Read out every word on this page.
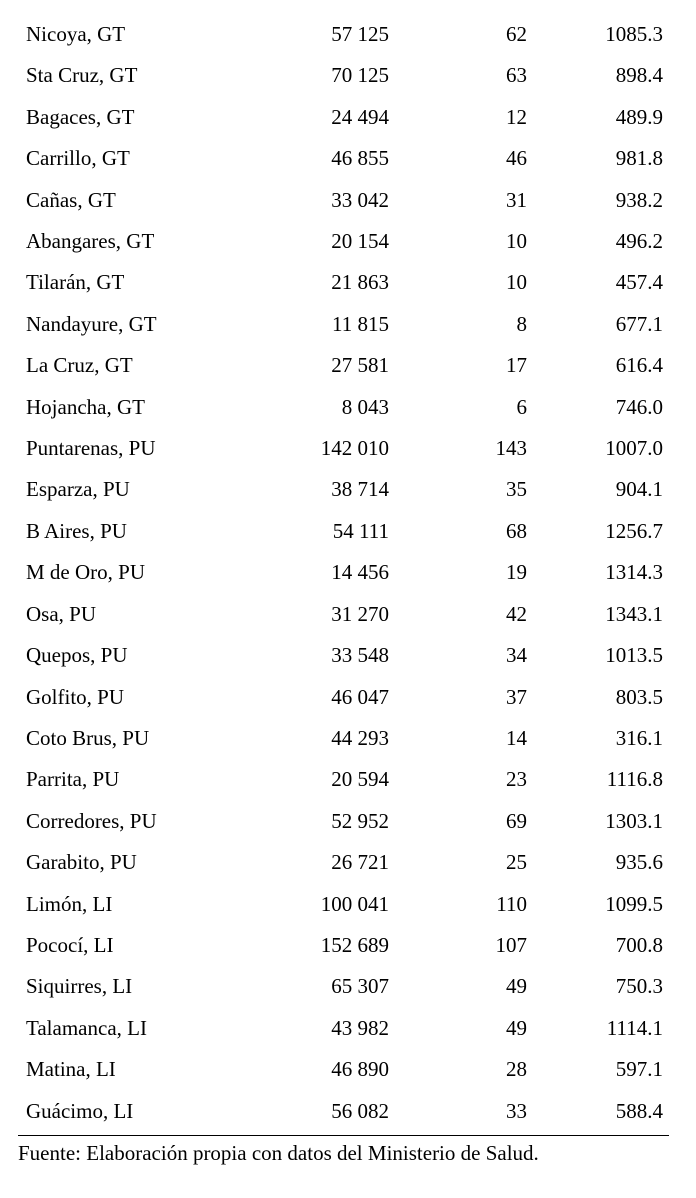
Nicoya, GT	57 125	62	1085.3
Sta Cruz, GT	70 125	63	898.4
Bagaces, GT	24 494	12	489.9
Carrillo, GT	46 855	46	981.8
Cañas, GT	33 042	31	938.2
Abangares, GT	20 154	10	496.2
Tilarán, GT	21 863	10	457.4
Nandayure, GT	11 815	8	677.1
La Cruz, GT	27 581	17	616.4
Hojancha, GT	8 043	6	746.0
Puntarenas, PU	142 010	143	1007.0
Esparza, PU	38 714	35	904.1
B Aires, PU	54 111	68	1256.7
M de Oro, PU	14 456	19	1314.3
Osa, PU	31 270	42	1343.1
Quepos, PU	33 548	34	1013.5
Golfito, PU	46 047	37	803.5
Coto Brus, PU	44 293	14	316.1
Parrita, PU	20 594	23	1116.8
Corredores, PU	52 952	69	1303.1
Garabito, PU	26 721	25	935.6
Limón, LI	100 041	110	1099.5
Pococí, LI	152 689	107	700.8
Siquirres, LI	65 307	49	750.3
Talamanca, LI	43 982	49	1114.1
Matina, LI	46 890	28	597.1
Guácimo, LI	56 082	33	588.4
Fuente: Elaboración propia con datos del Ministerio de Salud.
